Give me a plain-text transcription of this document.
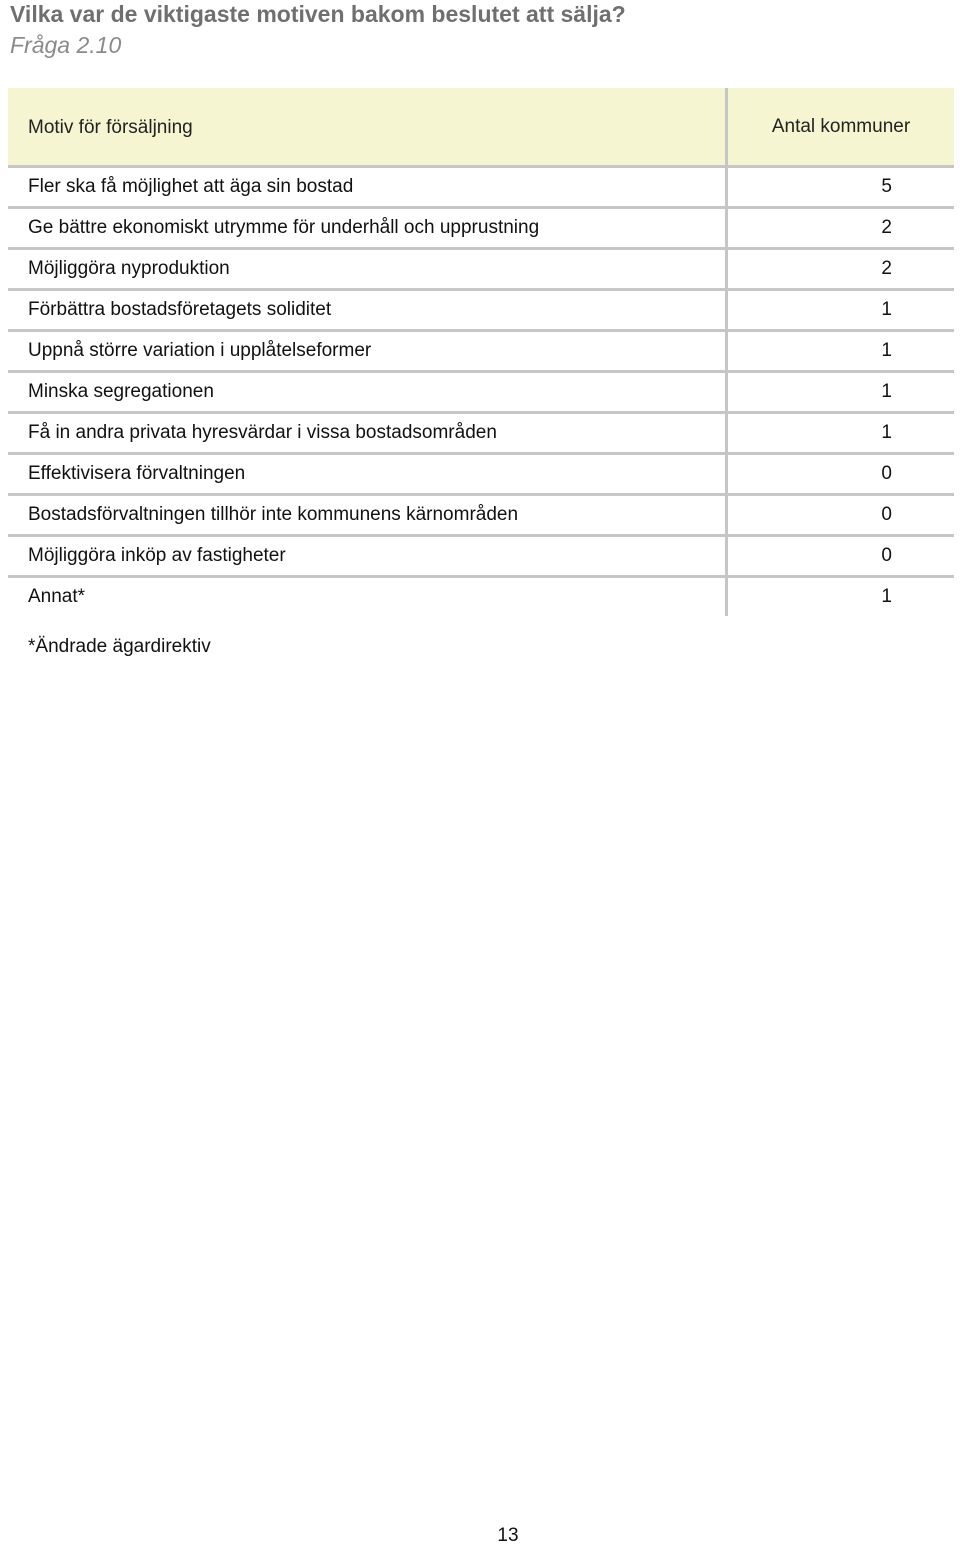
Vilka var de viktigaste motiven bakom beslutet att sälja?
Fråga 2.10
Motiv för försäljning	Antal kommuner
Fler ska få möjlighet att äga sin bostad	5
Ge bättre ekonomiskt utrymme för underhåll och upprustning	2
Möjliggöra nyproduktion	2
Förbättra bostadsföretagets soliditet	1
Uppnå större variation i upplåtelseformer	1
Minska segregationen	1
Få in andra privata hyresvärdar i vissa bostadsområden	1
Effektivisera förvaltningen	0
Bostadsförvaltningen tillhör inte kommunens kärnområden	0
Möjliggöra inköp av fastigheter	0
Annat*	1
*Ändrade ägardirektiv
13
